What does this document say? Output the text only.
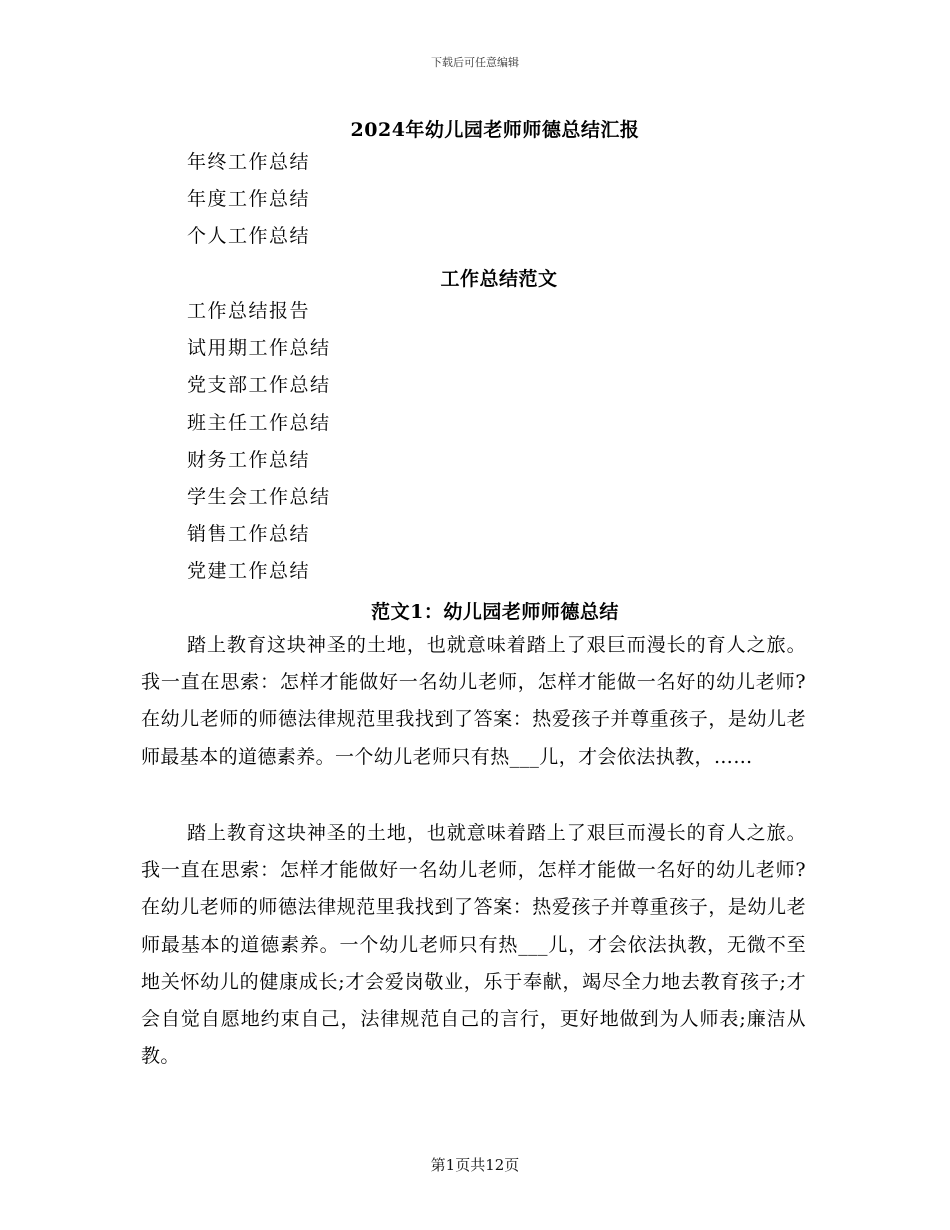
下载后可任意编辑
2024年幼儿园老师师德总结汇报
年终工作总结
年度工作总结
个人工作总结
工作总结范文
工作总结报告
试用期工作总结
党支部工作总结
班主任工作总结
财务工作总结
学生会工作总结
销售工作总结
党建工作总结
范文1：幼儿园老师师德总结

踏上教育这块神圣的土地，也就意味着踏上了艰巨而漫长的育人之旅。我一直在思索：怎样才能做好一名幼儿老师，怎样才能做一名好的幼儿老师?在幼儿老师的师德法律规范里我找到了答案：热爱孩子并尊重孩子，是幼儿老师最基本的道德素养。一个幼儿老师只有热___儿，才会依法执教，……

踏上教育这块神圣的土地，也就意味着踏上了艰巨而漫长的育人之旅。我一直在思索：怎样才能做好一名幼儿老师，怎样才能做一名好的幼儿老师?在幼儿老师的师德法律规范里我找到了答案：热爱孩子并尊重孩子，是幼儿老师最基本的道德素养。一个幼儿老师只有热___儿，才会依法执教，无微不至地关怀幼儿的健康成长;才会爱岗敬业，乐于奉献，竭尽全力地去教育孩子;才会自觉自愿地约束自己，法律规范自己的言行，更好地做到为人师表;廉洁从教。

第1页共12页
